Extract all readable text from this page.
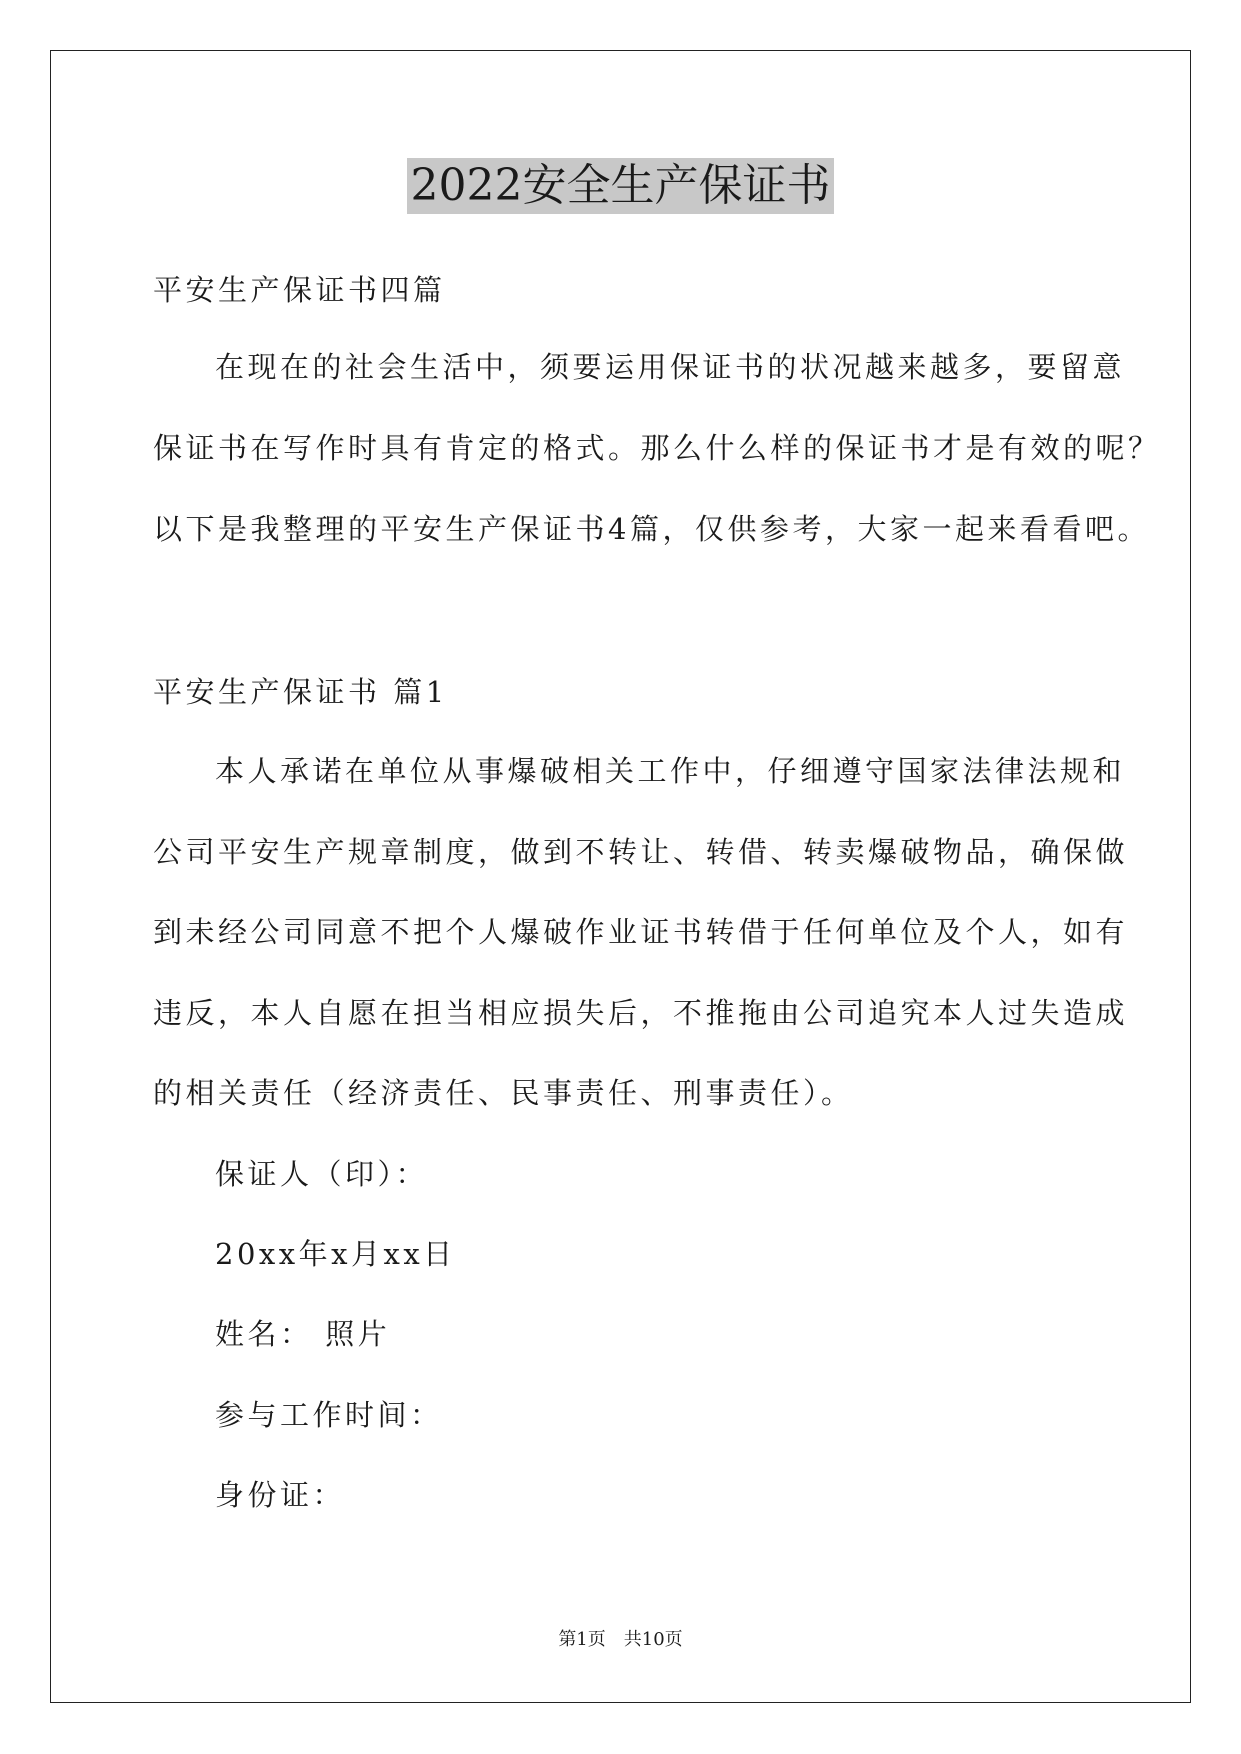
2022安全生产保证书
平安生产保证书四篇
在现在的社会生活中，须要运用保证书的状况越来越多，要留意
保证书在写作时具有肯定的格式。那么什么样的保证书才是有效的呢？
以下是我整理的平安生产保证书4篇，仅供参考，大家一起来看看吧。
平安生产保证书 篇1
本人承诺在单位从事爆破相关工作中，仔细遵守国家法律法规和
公司平安生产规章制度，做到不转让、转借、转卖爆破物品，确保做
到未经公司同意不把个人爆破作业证书转借于任何单位及个人，如有
违反，本人自愿在担当相应损失后，不推拖由公司追究本人过失造成
的相关责任（经济责任、民事责任、刑事责任）。
保证人（印）：
20xx年x月xx日
姓名： 照片
参与工作时间：
身份证：
第1页 共10页
